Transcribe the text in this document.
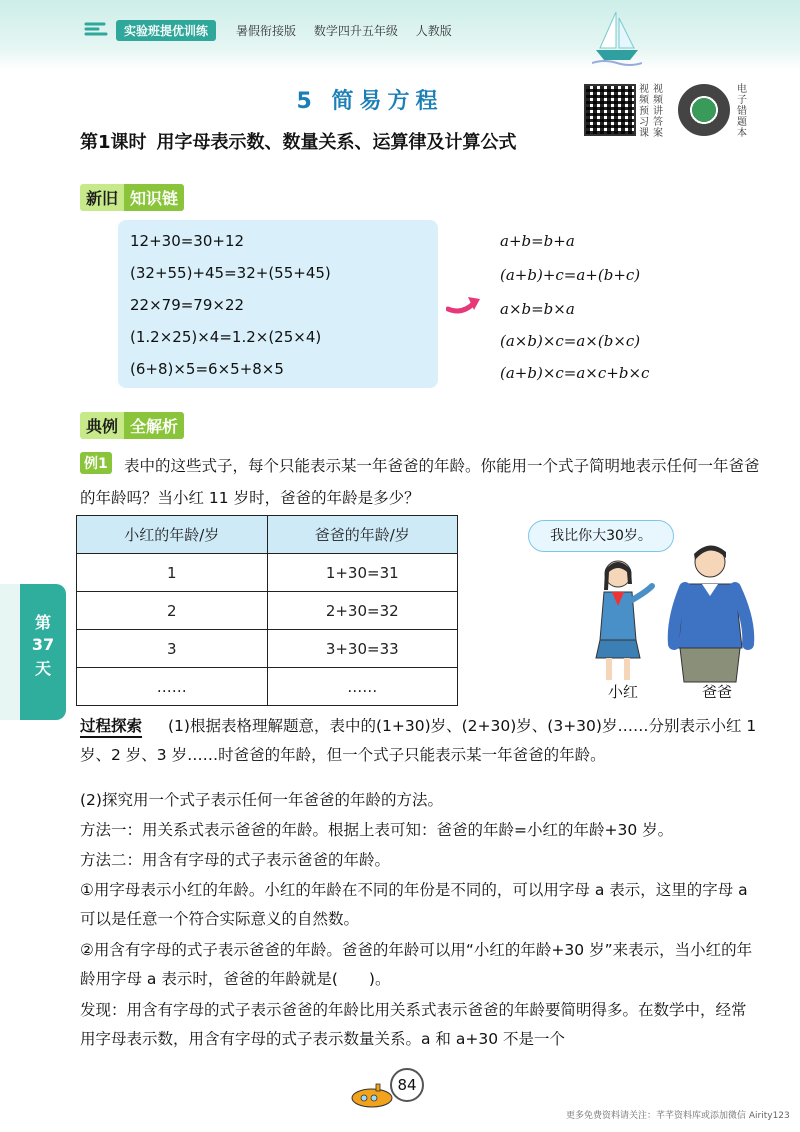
实验班提优训练	暑假衔接版 数学四升五年级 人教版
5 简易方程
第1课时 用字母表示数、数量关系、运算律及计算公式
视频预习课
视频讲答案
电子错题本
新旧 知识链
12+30=30+12
(32+55)+45=32+(55+45)
22×79=79×22
(1.2×25)×4=1.2×(25×4)
(6+8)×5=6×5+8×5
a+b=b+a
(a+b)+c=a+(b+c)
a×b=b×a
(a×b)×c=a×(b×c)
(a+b)×c=a×c+b×c
典例 全解析
表中的这些式子，每个只能表示某一年爸爸的年龄。你能用一个式子简明地表示任何一年爸爸的年龄吗？当小红 11 岁时，爸爸的年龄是多少？
例1
小红的年龄/岁	爸爸的年龄/岁
1	1+30=31
2	2+30=32
3	3+30=33
……	……
我比你大30岁。
小红	爸爸
第
37
天
过程探索	(1)根据表格理解题意，表中的(1+30)岁、(2+30)岁、(3+30)岁……分别表示小红 1 岁、2 岁、3 岁……时爸爸的年龄，但一个式子只能表示某一年爸爸的年龄。
(2)探究用一个式子表示任何一年爸爸的年龄的方法。
方法一：用关系式表示爸爸的年龄。根据上表可知：爸爸的年龄=小红的年龄+30 岁。
方法二：用含有字母的式子表示爸爸的年龄。
①用字母表示小红的年龄。小红的年龄在不同的年份是不同的，可以用字母 a 表示，这里的字母 a 可以是任意一个符合实际意义的自然数。
②用含有字母的式子表示爸爸的年龄。爸爸的年龄可以用“小红的年龄+30 岁”来表示，当小红的年龄用字母 a 表示时，爸爸的年龄就是(　　)。
发现：用含有字母的式子表示爸爸的年龄比用关系式表示爸爸的年龄要简明得多。在数学中，经常用字母表示数，用含有字母的式子表示数量关系。a 和 a+30 不是一个
84
更多免费资料请关注：芊芊资料库或添加微信 Airity123
